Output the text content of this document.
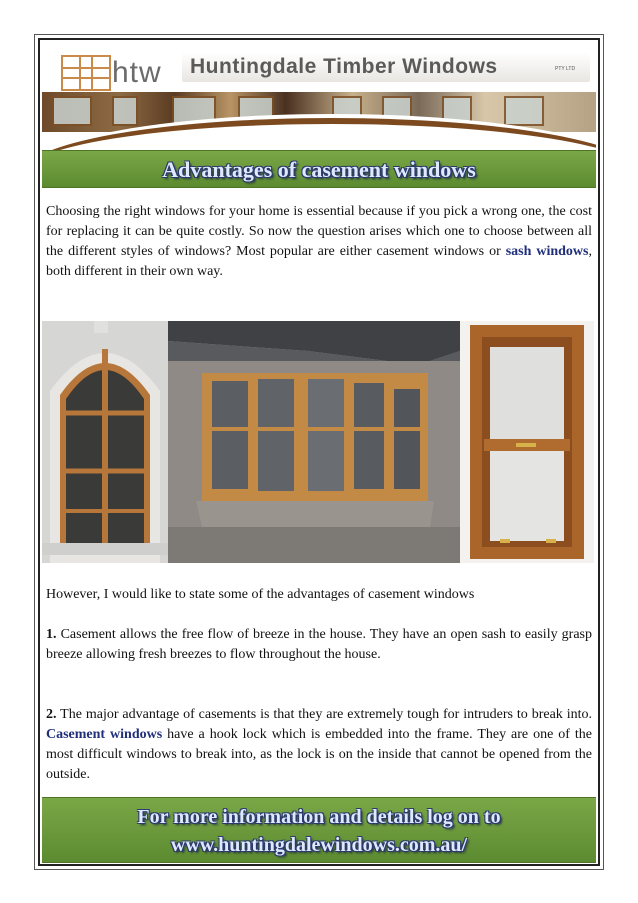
htw Huntingdale Timber Windows	PTY LTD
Advantages of casement windows

Choosing the right windows for your home is essential because if you pick a wrong one, the cost for replacing it can be quite costly. So now the question arises which one to choose between all the different styles of windows? Most popular are either casement windows or sash windows, both different in their own way.

However, I would like to state some of the advantages of casement windows

1. Casement allows the free flow of breeze in the house. They have an open sash to easily grasp breeze allowing fresh breezes to flow throughout the house.

2. The major advantage of casements is that they are extremely tough for intruders to break into. Casement windows have a hook lock which is embedded into the frame. They are one of the most difficult windows to break into, as the lock is on the inside that cannot be opened from the outside.

For more information and details log on to
www.huntingdalewindows.com.au/
